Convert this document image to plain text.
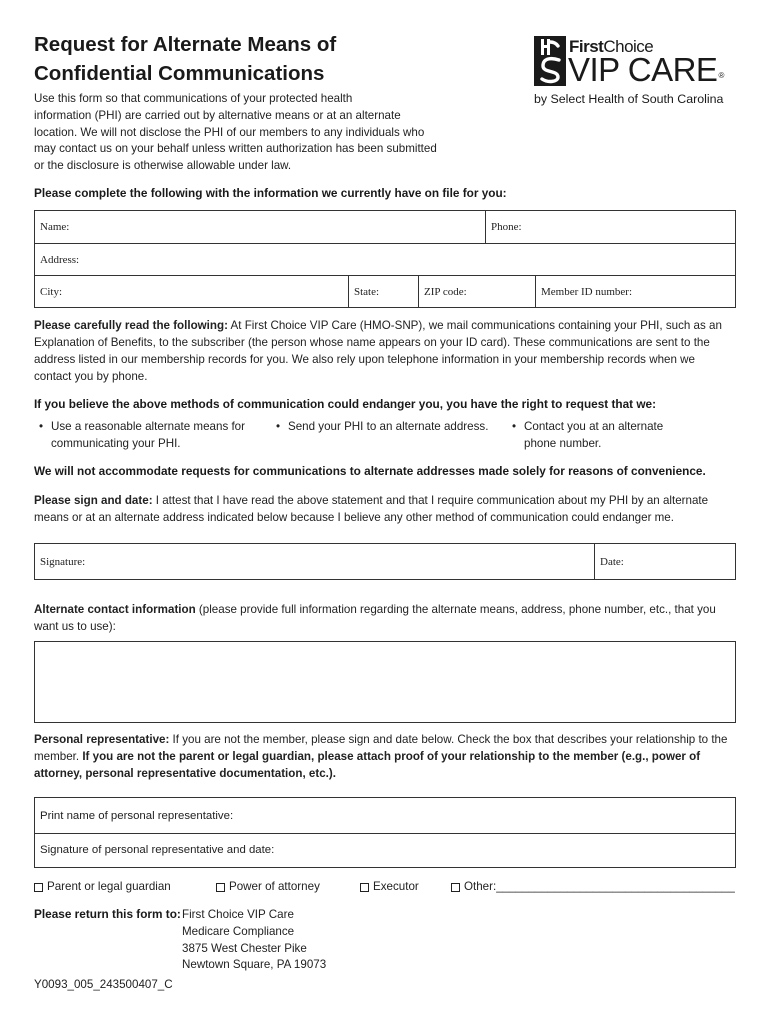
Request for Alternate Means of
Confidential Communications
Use this form so that communications of your protected health
information (PHI) are carried out by alternative means or at an alternate
location. We will not disclose the PHI of our members to any individuals who
may contact us on your behalf unless written authorization has been submitted
or the disclosure is otherwise allowable under law.
FirstChoice
VIP CARE®
by Select Health of South Carolina
Please complete the following with the information we currently have on file for you:
Name:	Phone:
Address:
City:	State:	ZIP code:	Member ID number:
Please carefully read the following: At First Choice VIP Care (HMO-SNP), we mail communications containing your PHI, such as an
Explanation of Benefits, to the subscriber (the person whose name appears on your ID card). These communications are sent to the
address listed in our membership records for you. We also rely upon telephone information in your membership records when we
contact you by phone.
If you believe the above methods of communication could endanger you, you have the right to request that we:
• Use a reasonable alternate means for
communicating your PHI.
• Send your PHI to an alternate address. • Contact you at an alternate
phone number.
We will not accommodate requests for communications to alternate addresses made solely for reasons of convenience.
Please sign and date: I attest that I have read the above statement and that I require communication about my PHI by an alternate
means or at an alternate address indicated below because I believe any other method of communication could endanger me.
Signature:	Date:
Alternate contact information (please provide full information regarding the alternate means, address, phone number, etc., that you
want us to use):
Personal representative: If you are not the member, please sign and date below. Check the box that describes your relationship to the
member. If you are not the parent or legal guardian, please attach proof of your relationship to the member (e.g., power of
attorney, personal representative documentation, etc.).
Print name of personal representative:
Signature of personal representative and date:
Parent or legal guardian	Power of attorney	Executor	Other:_____________________________________
Please return this form to: First Choice VIP Care
Medicare Compliance
3875 West Chester Pike
Newtown Square, PA 19073
Y0093_005_243500407_C
